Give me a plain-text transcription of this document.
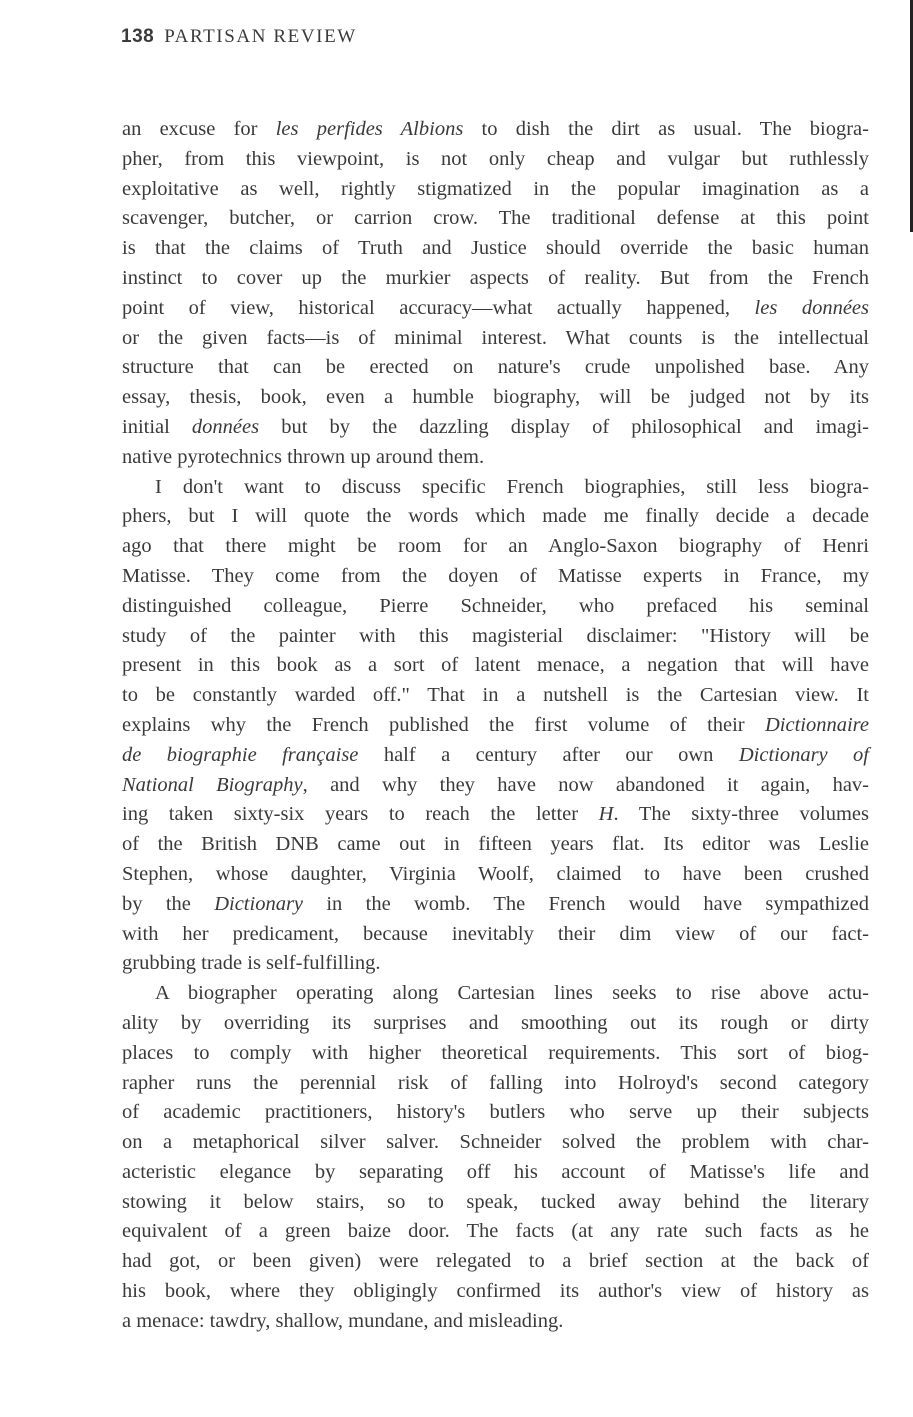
138 PARTISAN REVIEW
an excuse for les perfides Albions to dish the dirt as usual. The biogra-
pher, from this viewpoint, is not only cheap and vulgar but ruthlessly
exploitative as well, rightly stigmatized in the popular imagination as a
scavenger, butcher, or carrion crow. The traditional defense at this point
is that the claims of Truth and Justice should override the basic human
instinct to cover up the murkier aspects of reality. But from the French
point of view, historical accuracy—what actually happened, les données
or the given facts—is of minimal interest. What counts is the intellectual
structure that can be erected on nature's crude unpolished base. Any
essay, thesis, book, even a humble biography, will be judged not by its
initial données but by the dazzling display of philosophical and imagi-
native pyrotechnics thrown up around them.
I don't want to discuss specific French biographies, still less biogra-
phers, but I will quote the words which made me finally decide a decade
ago that there might be room for an Anglo-Saxon biography of Henri
Matisse. They come from the doyen of Matisse experts in France, my
distinguished colleague, Pierre Schneider, who prefaced his seminal
study of the painter with this magisterial disclaimer: "History will be
present in this book as a sort of latent menace, a negation that will have
to be constantly warded off." That in a nutshell is the Cartesian view. It
explains why the French published the first volume of their Dictionnaire
de biographie française half a century after our own Dictionary of
National Biography, and why they have now abandoned it again, hav-
ing taken sixty-six years to reach the letter H. The sixty-three volumes
of the British DNB came out in fifteen years flat. Its editor was Leslie
Stephen, whose daughter, Virginia Woolf, claimed to have been crushed
by the Dictionary in the womb. The French would have sympathized
with her predicament, because inevitably their dim view of our fact-
grubbing trade is self-fulfilling.
A biographer operating along Cartesian lines seeks to rise above actu-
ality by overriding its surprises and smoothing out its rough or dirty
places to comply with higher theoretical requirements. This sort of biog-
rapher runs the perennial risk of falling into Holroyd's second category
of academic practitioners, history's butlers who serve up their subjects
on a metaphorical silver salver. Schneider solved the problem with char-
acteristic elegance by separating off his account of Matisse's life and
stowing it below stairs, so to speak, tucked away behind the literary
equivalent of a green baize door. The facts (at any rate such facts as he
had got, or been given) were relegated to a brief section at the back of
his book, where they obligingly confirmed its author's view of history as
a menace: tawdry, shallow, mundane, and misleading.
